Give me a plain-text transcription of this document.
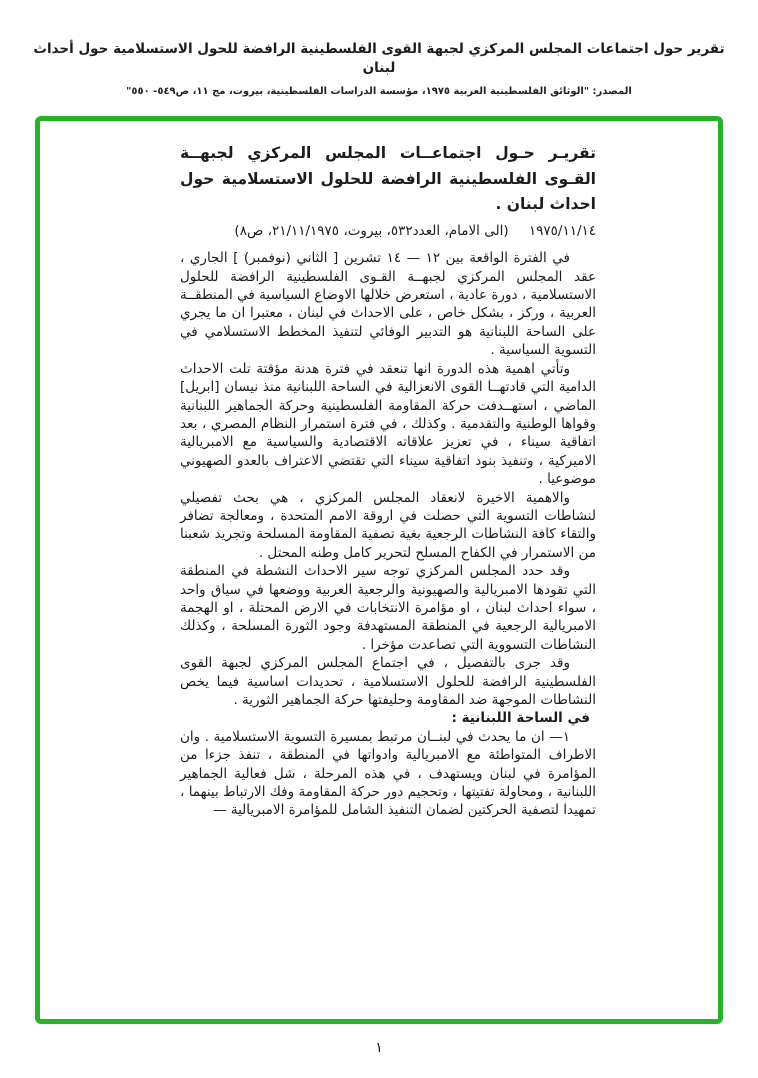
تقرير حول اجتماعات المجلس المركزي لجبهة القوى الفلسطينية الرافضة للحول الاستسلامية حول أحداث لبنان
المصدر: "الوثائق الفلسطينية العربية ١٩٧٥، مؤسسة الدراسات الفلسطينية، بيروت، مج ١١، ص٥٤٩- ٥٥٠"
تقريـر حـول اجتماعــات المجلس المركزي لجبهــة القـوى الفلسطينية الرافضة للحلول الاستسلامية حول احداث لبنان .

١٩٧٥/١١/١٤ (الى الامام، العدد٥٣٢، بيروت، ٢١/١١/١٩٧٥، ص٨)

في الفترة الواقعة بين ١٢ — ١٤ تشرين [ الثاني (نوفمبر) ] الجاري ، عقد المجلس المركزي لجبهــة القـوى الفلسطينية الرافضة للحلول الاستسلامية ، دورة عادية ، استعرض خلالها الاوضاع السياسية في المنطقــة العربية ، وركز ، بشكل خاص ، على الاحداث في لبنان ، معتبرا ان ما يجري على الساحة اللبنانية هو التدبير الوفائي لتنفيذ المخطط الاستسلامي في التسوية السياسية .

وتأتي اهمية هذه الدورة انها تنعقد في فترة هدنة مؤقتة تلت الاحداث الدامية التي قادتهــا القوى الانعزالية في الساحة اللبنانية منذ نيسان [ابريل] الماضي ، استهــدفت حركة المقاومة الفلسطينية وحركة الجماهير اللبنانية وقواها الوطنية والتقدمية . وكذلك ، في فترة استمرار النظام المصري ، بعد اتفاقية سيناء ، في تعزيز علاقاته الاقتصادية والسياسية مع الامبريالية الاميركية ، وتنفيذ بنود اتفاقية سيناء التي تقتضي الاعتراف بالعدو الصهيوني موضوعيا .

والاهمية الاخيرة لانعقاد المجلس المركزي ، هي بحث تفصيلي لنشاطات التسوية التي حصلت في اروقة الامم المتحدة ، ومعالجة تضافر والتقاء كافة النشاطات الرجعية بغية تصفية المقاومة المسلحة وتجريد شعبنا من الاستمرار في الكفاح المسلح لتحرير كامل وطنه المحتل .

وقد حدد المجلس المركزي توجه سير الاحداث النشطة في المنطقة التي تقودها الامبريالية والصهيونية والرجعية العربية ووضعها في سياق واحد ، سواء احداث لبنان ، او مؤامرة الانتخابات في الارض المحتلة ، او الهجمة الامبريالية الرجعية في المنطقة المستهدفة وجود الثورة المسلحة ، وكذلك النشاطات التسووية التي تصاعدت مؤخرا .

وقد جرى بالتفصيل ، في اجتماع المجلس المركزي لجبهة القوى الفلسطينية الرافضة للحلول الاستسلامية ، تحديدات اساسية فيما يخص النشاطات الموجهة ضد المقاومة وحليفتها حركة الجماهير الثورية .

في الساحة اللبنانية :

١— ان ما يحدث في لبنــان مرتبط بمسيرة التسوية الاستسلامية . وان الاطراف المتواطئة مع الامبريالية وادواتها في المنطقة ، تنفذ جزءا من المؤامرة في لبنان ويستهدف ، في هذه المرحلة ، شل فعالية الجماهير اللبنانية ، ومحاولة تفتيتها ، وتحجيم دور حركة المقاومة وفك الارتباط بينهما ، تمهيدا لتصفية الحركتين لضمان التنفيذ الشامل للمؤامرة الامبريالية —

١
